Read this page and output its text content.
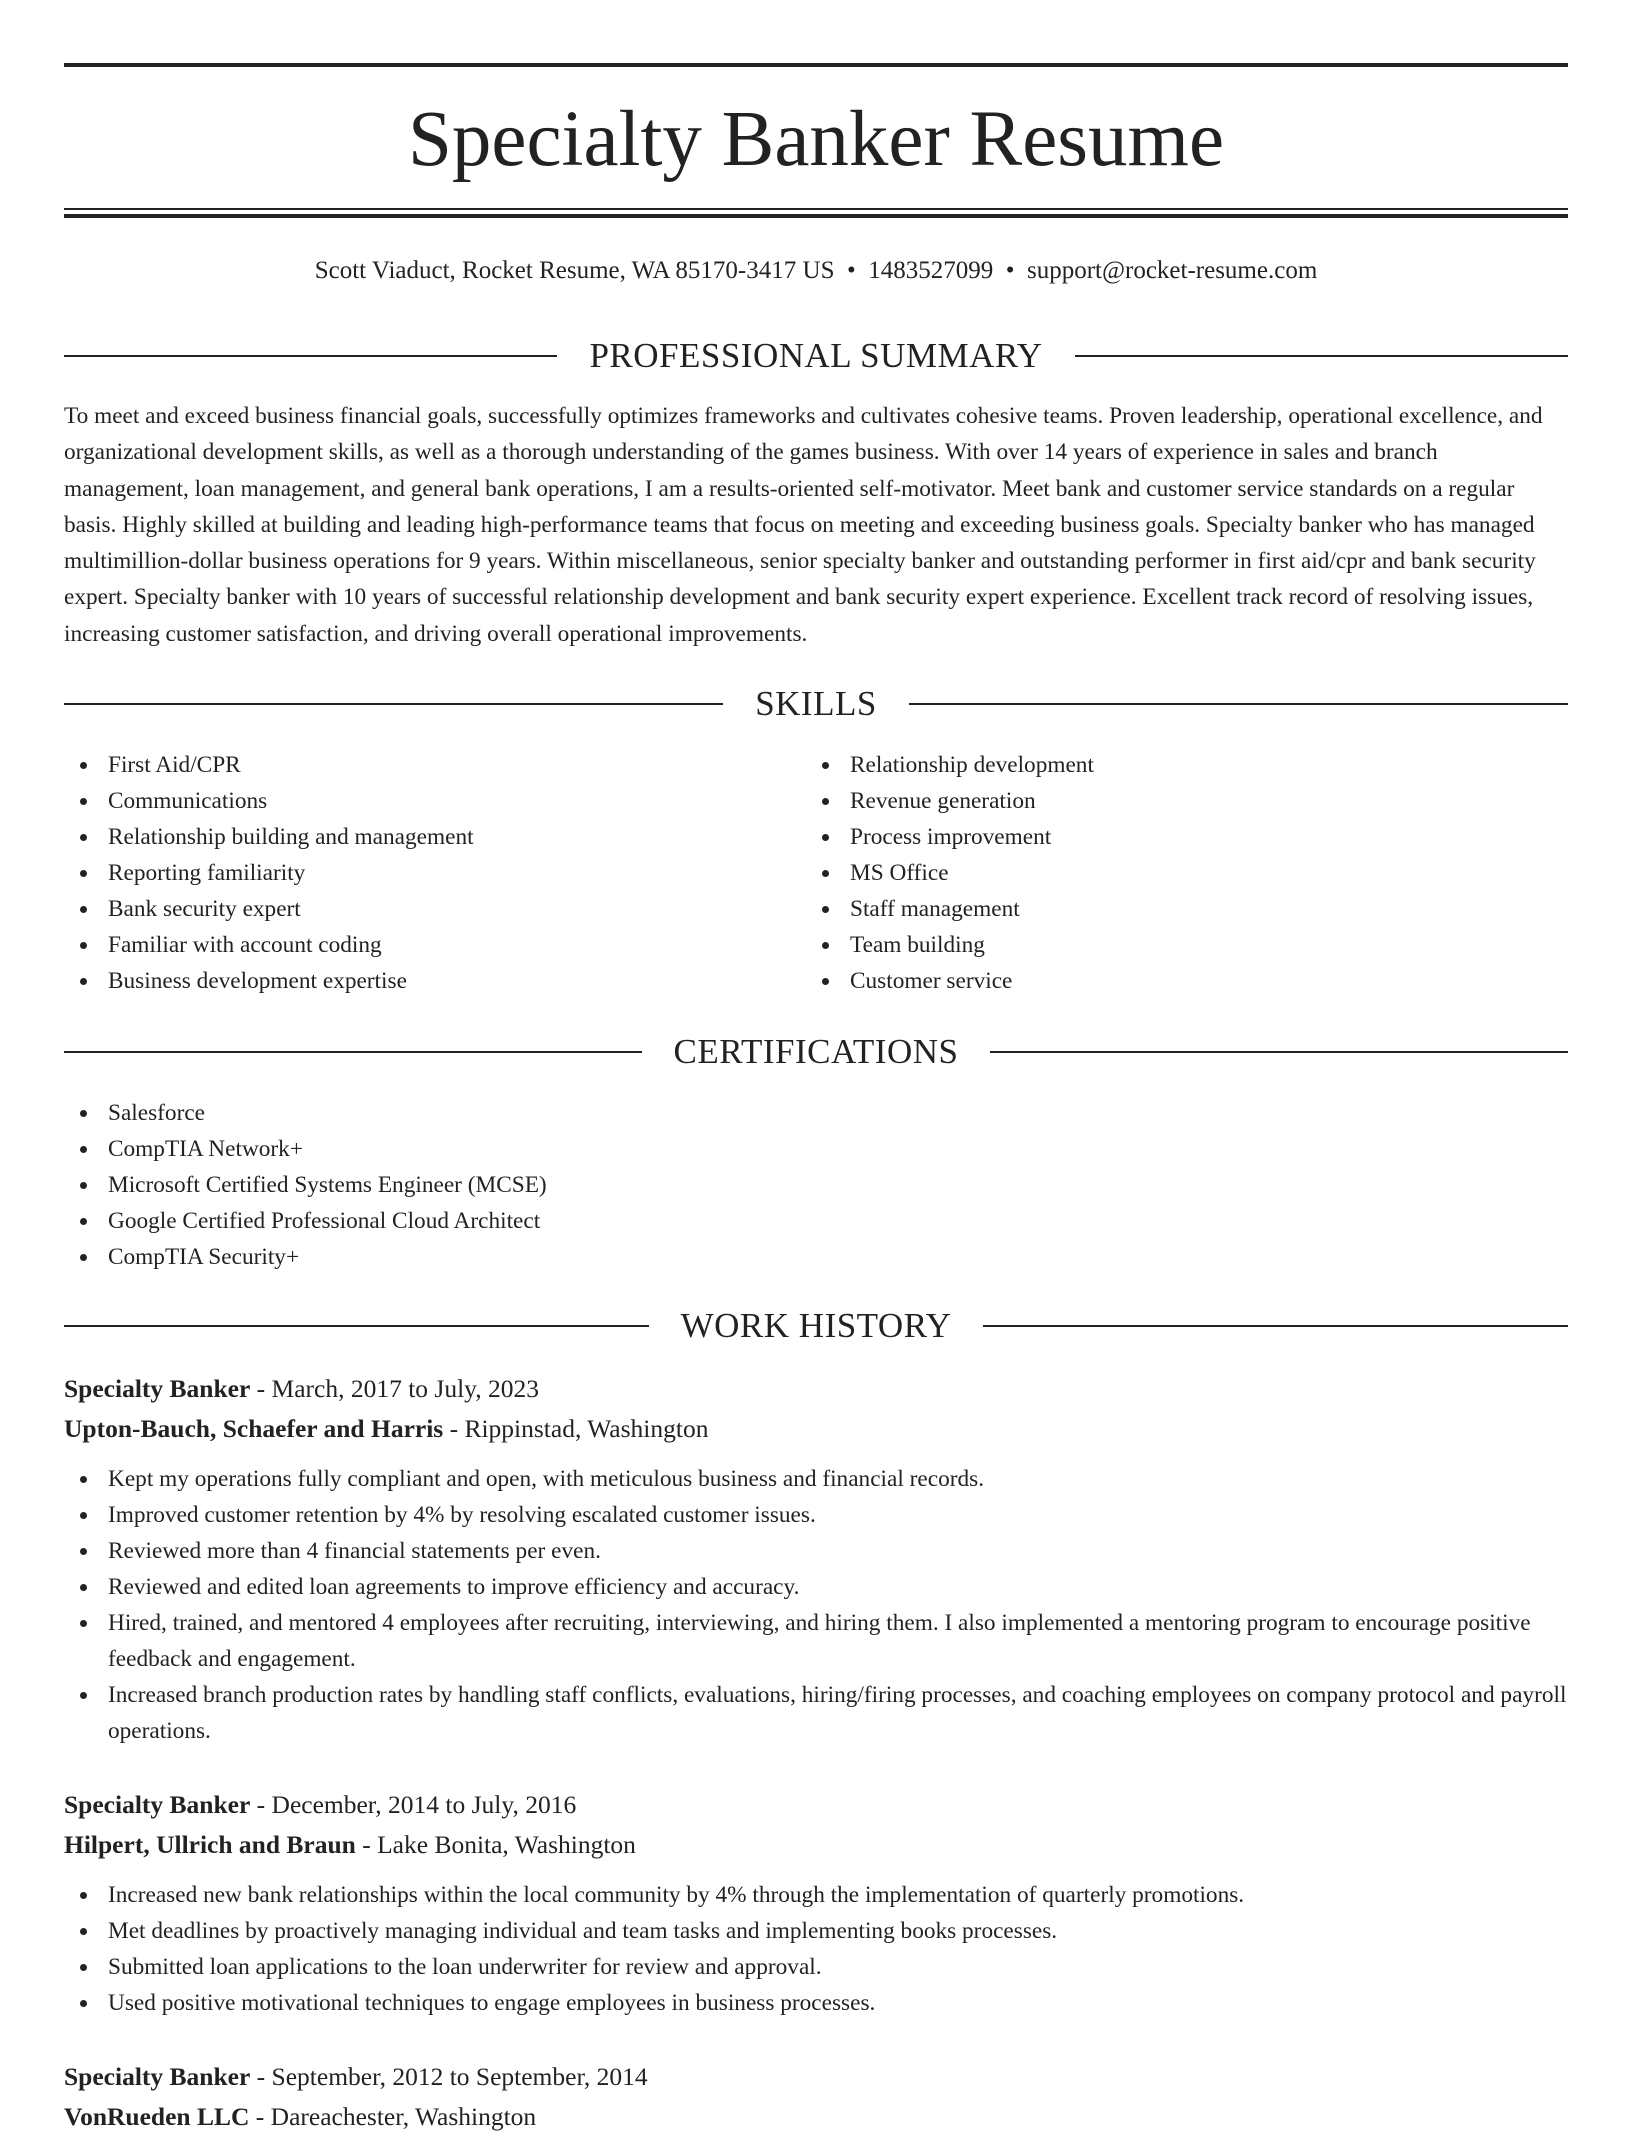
Specialty Banker Resume
Scott Viaduct, Rocket Resume, WA 85170-3417 US  •  1483527099  •  support@rocket-resume.com
PROFESSIONAL SUMMARY

To meet and exceed business financial goals, successfully optimizes frameworks and cultivates cohesive teams. Proven leadership, operational excellence, and organizational development skills, as well as a thorough understanding of the games business. With over 14 years of experience in sales and branch management, loan management, and general bank operations, I am a results-oriented self-motivator. Meet bank and customer service standards on a regular basis. Highly skilled at building and leading high-performance teams that focus on meeting and exceeding business goals. Specialty banker who has managed multimillion-dollar business operations for 9 years. Within miscellaneous, senior specialty banker and outstanding performer in first aid/cpr and bank security expert. Specialty banker with 10 years of successful relationship development and bank security expert experience. Excellent track record of resolving issues, increasing customer satisfaction, and driving overall operational improvements.

SKILLS
First Aid/CPR
Communications
Relationship building and management
Reporting familiarity
Bank security expert
Familiar with account coding
Business development expertise
Relationship development
Revenue generation
Process improvement
MS Office
Staff management
Team building
Customer service
CERTIFICATIONS
Salesforce
CompTIA Network+
Microsoft Certified Systems Engineer (MCSE)
Google Certified Professional Cloud Architect
CompTIA Security+
WORK HISTORY
Specialty Banker - March, 2017 to July, 2023
Upton-Bauch, Schaefer and Harris - Rippinstad, Washington
Kept my operations fully compliant and open, with meticulous business and financial records.
Improved customer retention by 4% by resolving escalated customer issues.
Reviewed more than 4 financial statements per even.
Reviewed and edited loan agreements to improve efficiency and accuracy.
Hired, trained, and mentored 4 employees after recruiting, interviewing, and hiring them. I also implemented a mentoring program to encourage positive feedback and engagement.
Increased branch production rates by handling staff conflicts, evaluations, hiring/firing processes, and coaching employees on company protocol and payroll operations.
Specialty Banker - December, 2014 to July, 2016
Hilpert, Ullrich and Braun - Lake Bonita, Washington
Increased new bank relationships within the local community by 4% through the implementation of quarterly promotions.
Met deadlines by proactively managing individual and team tasks and implementing books processes.
Submitted loan applications to the loan underwriter for review and approval.
Used positive motivational techniques to engage employees in business processes.
Specialty Banker - September, 2012 to September, 2014
VonRueden LLC - Dareachester, Washington
